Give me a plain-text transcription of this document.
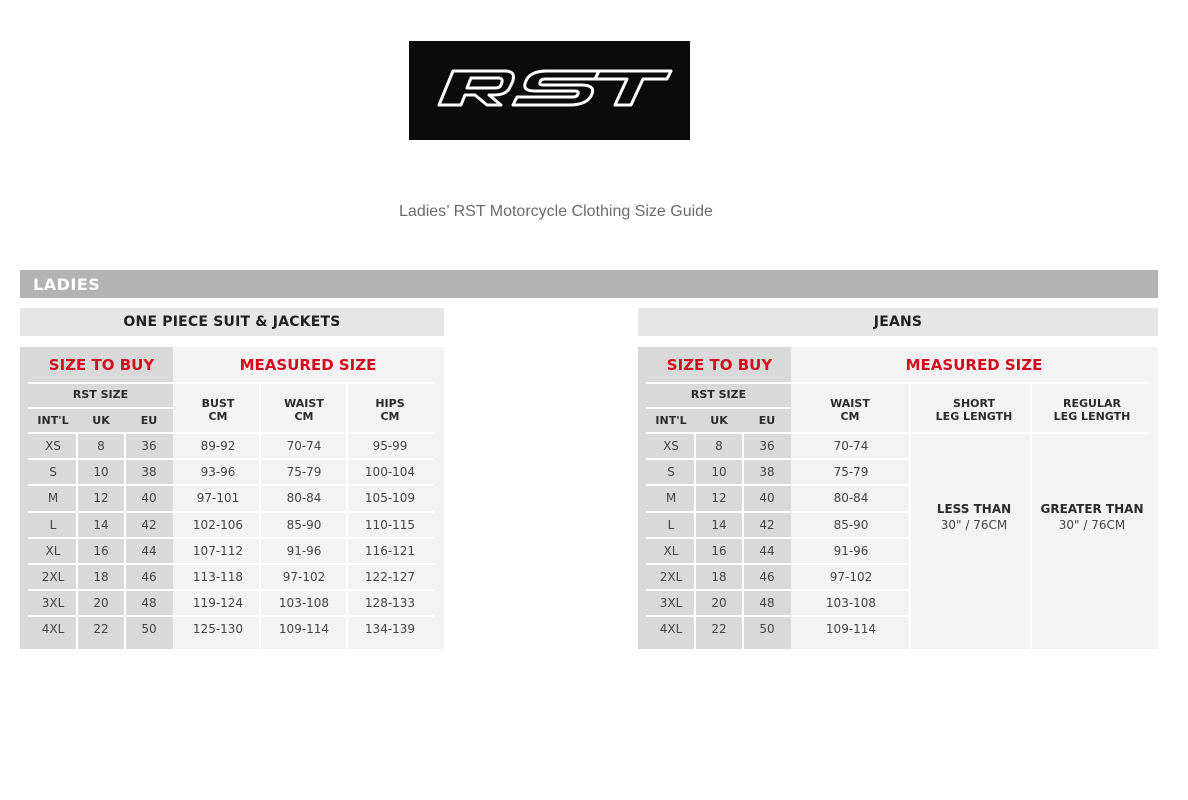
Ladies’ RST Motorcycle Clothing Size Guide
LADIES
ONE PIECE SUIT & JACKETS
SIZE TO BUY	MEASURED SIZE
RST SIZE
INT'L	UK	EU
BUST
CM
WAIST
CM
HIPS
CM
XS	8	36	89-92	70-74	95-99
S	10	38	93-96	75-79	100-104
M	12	40	97-101	80-84	105-109
L	14	42	102-106	85-90	110-115
XL	16	44	107-112	91-96	116-121
2XL	18	46	113-118	97-102	122-127
3XL	20	48	119-124	103-108	128-133
4XL	22	50	125-130	109-114	134-139
JEANS
SIZE TO BUY	MEASURED SIZE
RST SIZE
INT'L	UK	EU
WAIST
CM
SHORT
LEG LENGTH
REGULAR
LEG LENGTH
LESS THAN
30" / 76CM
GREATER THAN
30" / 76CM
XS	8	36	70-74
S	10	38	75-79
M	12	40	80-84
L	14	42	85-90
XL	16	44	91-96
2XL	18	46	97-102
3XL	20	48	103-108
4XL	22	50	109-114
